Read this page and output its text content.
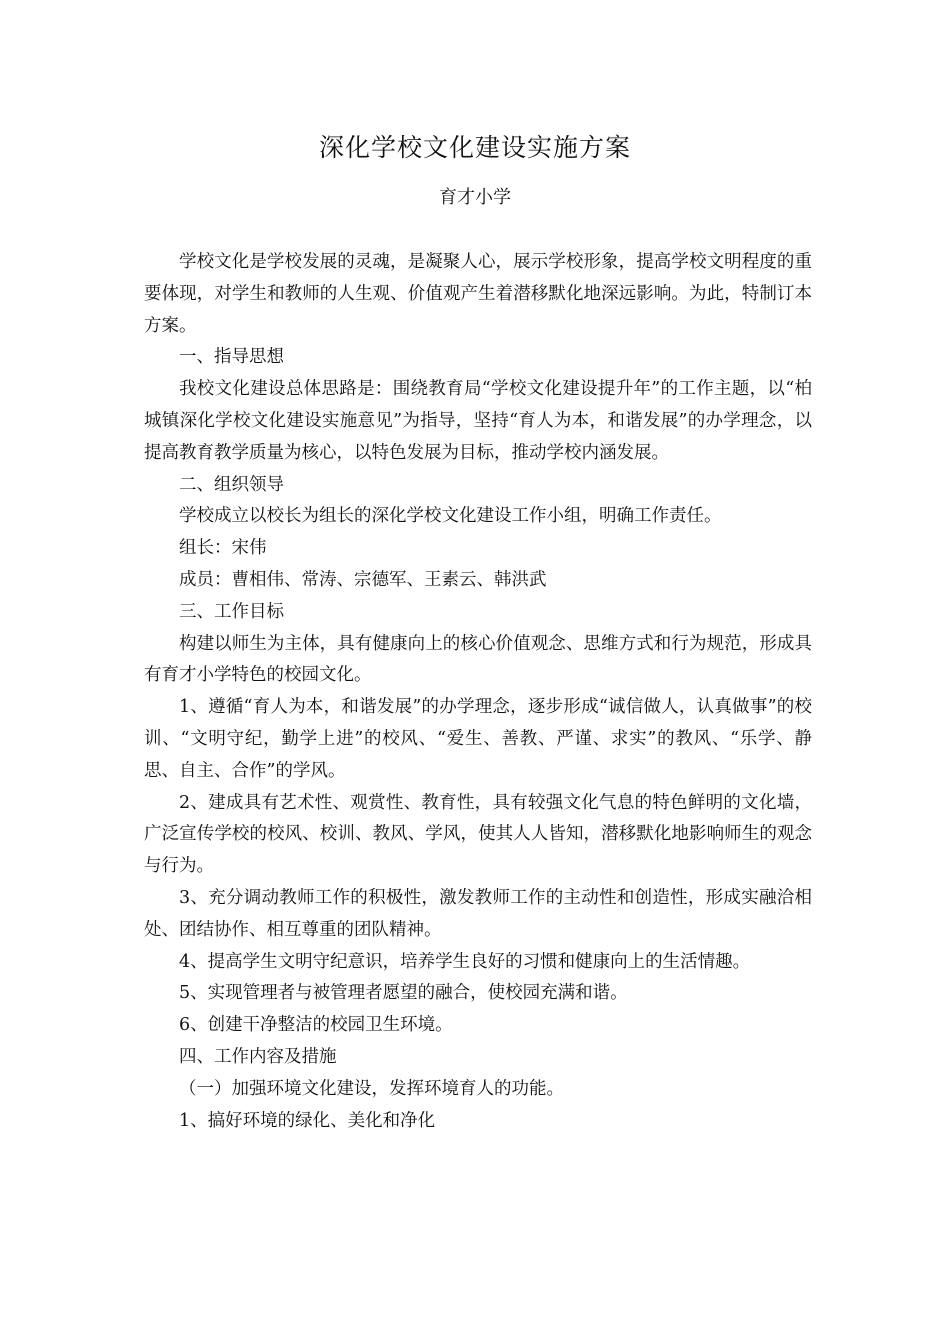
深化学校文化建设实施方案
育才小学

学校文化是学校发展的灵魂，是凝聚人心，展示学校形象，提高学校文明程度的重要体现，对学生和教师的人生观、价值观产生着潜移默化地深远影响。为此，特制订本方案。

一、指导思想

我校文化建设总体思路是：围绕教育局“学校文化建设提升年”的工作主题，以“柏城镇深化学校文化建设实施意见”为指导，坚持“育人为本，和谐发展”的办学理念，以提高教育教学质量为核心，以特色发展为目标，推动学校内涵发展。

二、组织领导

学校成立以校长为组长的深化学校文化建设工作小组，明确工作责任。

组长：宋伟

成员：曹相伟、常涛、宗德军、王素云、韩洪武

三、工作目标

构建以师生为主体，具有健康向上的核心价值观念、思维方式和行为规范，形成具有育才小学特色的校园文化。

1、遵循“育人为本，和谐发展”的办学理念，逐步形成“诚信做人，认真做事”的校训、“文明守纪，勤学上进”的校风、“爱生、善教、严谨、求实”的教风、“乐学、静思、自主、合作”的学风。

2、建成具有艺术性、观赏性、教育性，具有较强文化气息的特色鲜明的文化墙，广泛宣传学校的校风、校训、教风、学风，使其人人皆知，潜移默化地影响师生的观念与行为。

3、充分调动教师工作的积极性，激发教师工作的主动性和创造性，形成实融洽相处、团结协作、相互尊重的团队精神。

4、提高学生文明守纪意识，培养学生良好的习惯和健康向上的生活情趣。

5、实现管理者与被管理者愿望的融合，使校园充满和谐。

6、创建干净整洁的校园卫生环境。

四、工作内容及措施

（一）加强环境文化建设，发挥环境育人的功能。

1、搞好环境的绿化、美化和净化
